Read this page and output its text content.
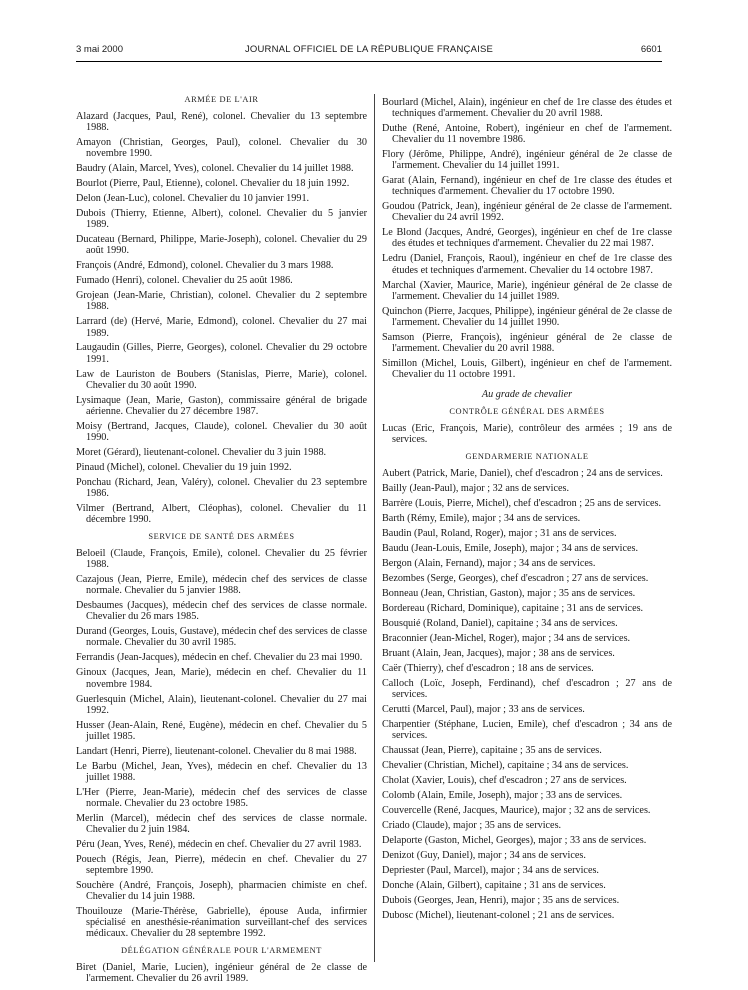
3 mai 2000	JOURNAL OFFICIEL DE LA RÉPUBLIQUE FRANÇAISE	6601
ARMÉE DE L'AIR
Alazard (Jacques, Paul, René), colonel. Chevalier du 13 septembre 1988.
Amayon (Christian, Georges, Paul), colonel. Chevalier du 30 novembre 1990.
Baudry (Alain, Marcel, Yves), colonel. Chevalier du 14 juillet 1988.
Bourlot (Pierre, Paul, Etienne), colonel. Chevalier du 18 juin 1992.
Delon (Jean-Luc), colonel. Chevalier du 10 janvier 1991.
Dubois (Thierry, Etienne, Albert), colonel. Chevalier du 5 janvier 1989.
Ducateau (Bernard, Philippe, Marie-Joseph), colonel. Chevalier du 29 août 1990.
François (André, Edmond), colonel. Chevalier du 3 mars 1988.
Fumado (Henri), colonel. Chevalier du 25 août 1986.
Grojean (Jean-Marie, Christian), colonel. Chevalier du 2 septembre 1988.
Larrard (de) (Hervé, Marie, Edmond), colonel. Chevalier du 27 mai 1989.
Laugaudin (Gilles, Pierre, Georges), colonel. Chevalier du 29 octobre 1991.
Law de Lauriston de Boubers (Stanislas, Pierre, Marie), colonel. Chevalier du 30 août 1990.
Lysimaque (Jean, Marie, Gaston), commissaire général de brigade aérienne. Chevalier du 27 décembre 1987.
Moisy (Bertrand, Jacques, Claude), colonel. Chevalier du 30 août 1990.
Moret (Gérard), lieutenant-colonel. Chevalier du 3 juin 1988.
Pinaud (Michel), colonel. Chevalier du 19 juin 1992.
Ponchau (Richard, Jean, Valéry), colonel. Chevalier du 23 septembre 1986.
Vilmer (Bertrand, Albert, Cléophas), colonel. Chevalier du 11 décembre 1990.
SERVICE DE SANTÉ DES ARMÉES
Beloeil (Claude, François, Emile), colonel. Chevalier du 25 février 1988.
Cazajous (Jean, Pierre, Emile), médecin chef des services de classe normale. Chevalier du 5 janvier 1988.
Desbaumes (Jacques), médecin chef des services de classe normale. Chevalier du 26 mars 1985.
Durand (Georges, Louis, Gustave), médecin chef des services de classe normale. Chevalier du 30 avril 1985.
Ferrandis (Jean-Jacques), médecin en chef. Chevalier du 23 mai 1990.
Ginoux (Jacques, Jean, Marie), médecin en chef. Chevalier du 11 novembre 1984.
Guerlesquin (Michel, Alain), lieutenant-colonel. Chevalier du 27 mai 1992.
Husser (Jean-Alain, René, Eugène), médecin en chef. Chevalier du 5 juillet 1985.
Landart (Henri, Pierre), lieutenant-colonel. Chevalier du 8 mai 1988.
Le Barbu (Michel, Jean, Yves), médecin en chef. Chevalier du 13 juillet 1988.
L'Her (Pierre, Jean-Marie), médecin chef des services de classe normale. Chevalier du 23 octobre 1985.
Merlin (Marcel), médecin chef des services de classe normale. Chevalier du 2 juin 1984.
Péru (Jean, Yves, René), médecin en chef. Chevalier du 27 avril 1983.
Pouech (Régis, Jean, Pierre), médecin en chef. Chevalier du 27 septembre 1990.
Souchère (André, François, Joseph), pharmacien chimiste en chef. Chevalier du 14 juin 1988.
Thouilouze (Marie-Thérèse, Gabrielle), épouse Auda, infirmier spécialisé en anesthésie-réanimation surveillant-chef des services médicaux. Chevalier du 28 septembre 1992.
DÉLÉGATION GÉNÉRALE POUR L'ARMEMENT
Biret (Daniel, Marie, Lucien), ingénieur général de 2e classe de l'armement. Chevalier du 26 avril 1989.
Bourlard (Michel, Alain), ingénieur en chef de 1re classe des études et techniques d'armement. Chevalier du 20 avril 1988.
Duthe (René, Antoine, Robert), ingénieur en chef de l'armement. Chevalier du 11 novembre 1986.
Flory (Jérôme, Philippe, André), ingénieur général de 2e classe de l'armement. Chevalier du 14 juillet 1991.
Garat (Alain, Fernand), ingénieur en chef de 1re classe des études et techniques d'armement. Chevalier du 17 octobre 1990.
Goudou (Patrick, Jean), ingénieur général de 2e classe de l'armement. Chevalier du 24 avril 1992.
Le Blond (Jacques, André, Georges), ingénieur en chef de 1re classe des études et techniques d'armement. Chevalier du 22 mai 1987.
Ledru (Daniel, François, Raoul), ingénieur en chef de 1re classe des études et techniques d'armement. Chevalier du 14 octobre 1987.
Marchal (Xavier, Maurice, Marie), ingénieur général de 2e classe de l'armement. Chevalier du 14 juillet 1989.
Quinchon (Pierre, Jacques, Philippe), ingénieur général de 2e classe de l'armement. Chevalier du 14 juillet 1990.
Samson (Pierre, François), ingénieur général de 2e classe de l'armement. Chevalier du 20 avril 1988.
Simillon (Michel, Louis, Gilbert), ingénieur en chef de l'armement. Chevalier du 11 octobre 1991.
Au grade de chevalier
CONTRÔLE GÉNÉRAL DES ARMÉES
Lucas (Eric, François, Marie), contrôleur des armées ; 19 ans de services.
GENDARMERIE NATIONALE
Aubert (Patrick, Marie, Daniel), chef d'escadron ; 24 ans de services.
Bailly (Jean-Paul), major ; 32 ans de services.
Barrère (Louis, Pierre, Michel), chef d'escadron ; 25 ans de services.
Barth (Rémy, Emile), major ; 34 ans de services.
Baudin (Paul, Roland, Roger), major ; 31 ans de services.
Baudu (Jean-Louis, Emile, Joseph), major ; 34 ans de services.
Bergon (Alain, Fernand), major ; 34 ans de services.
Bezombes (Serge, Georges), chef d'escadron ; 27 ans de services.
Bonneau (Jean, Christian, Gaston), major ; 35 ans de services.
Bordereau (Richard, Dominique), capitaine ; 31 ans de services.
Bousquié (Roland, Daniel), capitaine ; 34 ans de services.
Braconnier (Jean-Michel, Roger), major ; 34 ans de services.
Bruant (Alain, Jean, Jacques), major ; 38 ans de services.
Caër (Thierry), chef d'escadron ; 18 ans de services.
Calloch (Loïc, Joseph, Ferdinand), chef d'escadron ; 27 ans de services.
Cerutti (Marcel, Paul), major ; 33 ans de services.
Charpentier (Stéphane, Lucien, Emile), chef d'escadron ; 34 ans de services.
Chaussat (Jean, Pierre), capitaine ; 35 ans de services.
Chevalier (Christian, Michel), capitaine ; 34 ans de services.
Cholat (Xavier, Louis), chef d'escadron ; 27 ans de services.
Colomb (Alain, Emile, Joseph), major ; 33 ans de services.
Couvercelle (René, Jacques, Maurice), major ; 32 ans de services.
Criado (Claude), major ; 35 ans de services.
Delaporte (Gaston, Michel, Georges), major ; 33 ans de services.
Denizot (Guy, Daniel), major ; 34 ans de services.
Depriester (Paul, Marcel), major ; 34 ans de services.
Donche (Alain, Gilbert), capitaine ; 31 ans de services.
Dubois (Georges, Jean, Henri), major ; 35 ans de services.
Dubosc (Michel), lieutenant-colonel ; 21 ans de services.
